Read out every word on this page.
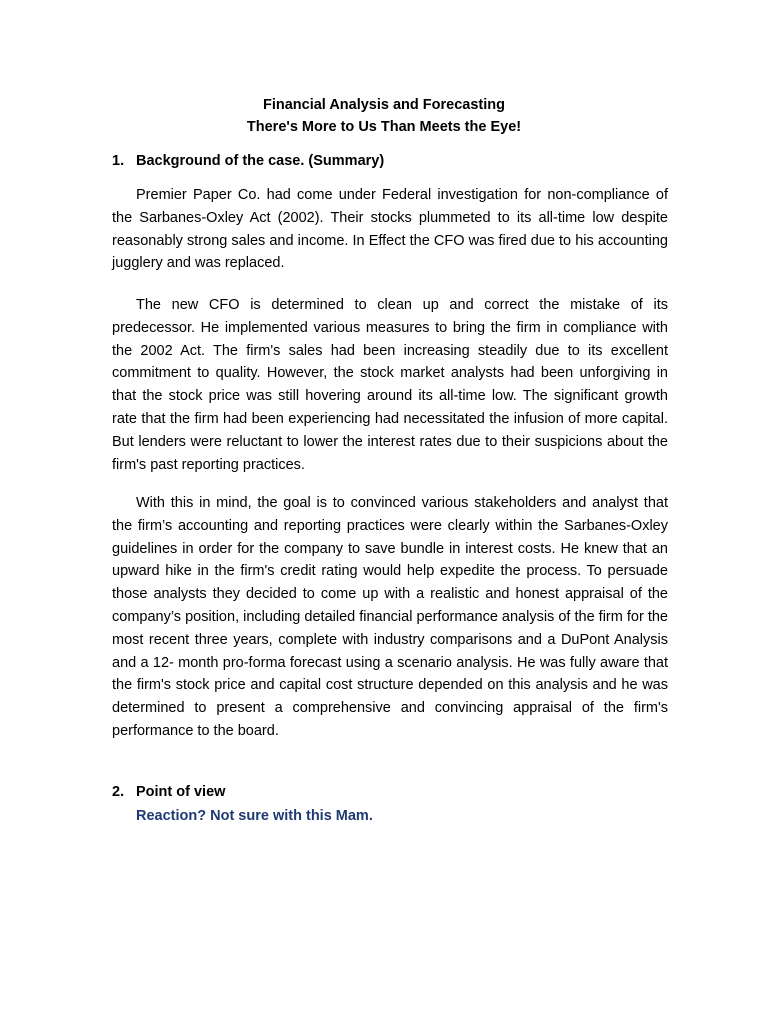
Financial Analysis and Forecasting
There's More to Us Than Meets the Eye!
1. Background of the case. (Summary)

Premier Paper Co. had come under Federal investigation for non-compliance of the Sarbanes-Oxley Act (2002). Their stocks plummeted to its all-time low despite reasonably strong sales and income. In Effect the CFO was fired due to his accounting jugglery and was replaced.

The new CFO is determined to clean up and correct the mistake of its predecessor. He implemented various measures to bring the firm in compliance with the 2002 Act. The firm's sales had been increasing steadily due to its excellent commitment to quality. However, the stock market analysts had been unforgiving in that the stock price was still hovering around its all-time low. The significant growth rate that the firm had been experiencing had necessitated the infusion of more capital. But lenders were reluctant to lower the interest rates due to their suspicions about the firm's past reporting practices.

With this in mind, the goal is to convinced various stakeholders and analyst that the firm’s accounting and reporting practices were clearly within the Sarbanes-Oxley guidelines in order for the company to save bundle in interest costs. He knew that an upward hike in the firm's credit rating would help expedite the process. To persuade those analysts they decided to come up with a realistic and honest appraisal of the company’s position, including detailed financial performance analysis of the firm for the most recent three years, complete with industry comparisons and a DuPont Analysis and a 12- month pro-forma forecast using a scenario analysis. He was fully aware that the firm's stock price and capital cost structure depended on this analysis and he was determined to present a comprehensive and convincing appraisal of the firm's performance to the board.

2. Point of view
Reaction? Not sure with this Mam.
